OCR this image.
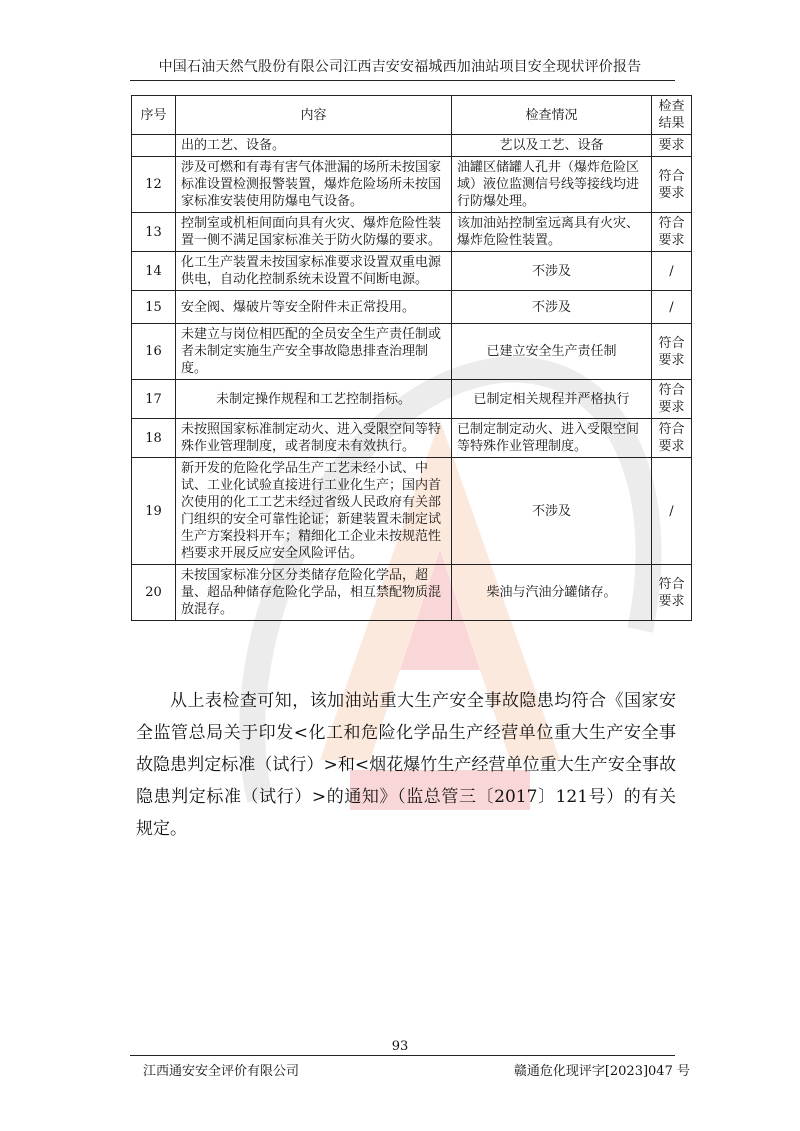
中国石油天然气股份有限公司江西吉安安福城西加油站项目安全现状评价报告
序号	内容	检查情况	检查结果
	出的工艺、设备。	艺以及工艺、设备	要求
12	涉及可燃和有毒有害气体泄漏的场所未按国家标准设置检测报警装置，爆炸危险场所未按国家标准安装使用防爆电气设备。	油罐区储罐人孔井（爆炸危险区域）液位监测信号线等接线均进行防爆处理。	符合要求
13	控制室或机柜间面向具有火灾、爆炸危险性装置一侧不满足国家标准关于防火防爆的要求。	该加油站控制室远离具有火灾、爆炸危险性装置。	符合要求
14	化工生产装置未按国家标准要求设置双重电源供电，自动化控制系统未设置不间断电源。	不涉及	/
15	安全阀、爆破片等安全附件未正常投用。	不涉及	/
16	未建立与岗位相匹配的全员安全生产责任制或者未制定实施生产安全事故隐患排查治理制度。	已建立安全生产责任制	符合要求
17	未制定操作规程和工艺控制指标。	已制定相关规程并严格执行	符合要求
18	未按照国家标准制定动火、进入受限空间等特殊作业管理制度，或者制度未有效执行。	已制定制定动火、进入受限空间等特殊作业管理制度。	符合要求
19	新开发的危险化学品生产工艺未经小试、中试、工业化试验直接进行工业化生产；国内首次使用的化工工艺未经过省级人民政府有关部门组织的安全可靠性论证；新建装置未制定试生产方案投料开车；精细化工企业未按规范性档要求开展反应安全风险评估。	不涉及	/
20	未按国家标准分区分类储存危险化学品，超量、超品种储存危险化学品，相互禁配物质混放混存。	柴油与汽油分罐储存。	符合要求

从上表检查可知，该加油站重大生产安全事故隐患均符合《国家安全监管总局关于印发<化工和危险化学品生产经营单位重大生产安全事故隐患判定标准（试行）>和<烟花爆竹生产经营单位重大生产安全事故隐患判定标准（试行）>的通知》（监总管三〔2017〕121号）的有关规定。

93
江西通安安全评价有限公司	赣通危化现评字[2023]047 号
